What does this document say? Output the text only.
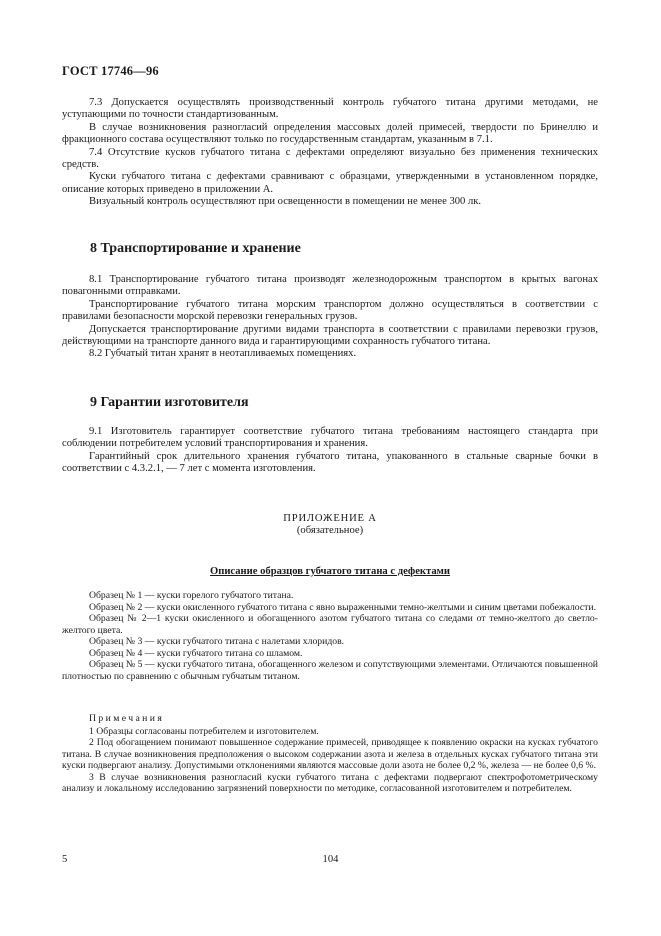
ГОСТ 17746—96

7.3 Допускается осуществлять производственный контроль губчатого титана другими методами, не уступающими по точности стандартизованным.

В случае возникновения разногласий определения массовых долей примесей, твердости по Бринеллю и фракционного состава осуществляют только по государственным стандартам, указанным в 7.1.

7.4 Отсутствие кусков губчатого титана с дефектами определяют визуально без применения технических средств.

Куски губчатого титана с дефектами сравнивают с образцами, утвержденными в установленном порядке, описание которых приведено в приложении А.

Визуальный контроль осуществляют при освещенности в помещении не менее 300 лк.

8 Транспортирование и хранение

8.1 Транспортирование губчатого титана производят железнодорожным транспортом в крытых вагонах повагонными отправками.

Транспортирование губчатого титана морским транспортом должно осуществляться в соответствии с правилами безопасности морской перевозки генеральных грузов.

Допускается транспортирование другими видами транспорта в соответствии с правилами перевозки грузов, действующими на транспорте данного вида и гарантирующими сохранность губчатого титана.

8.2 Губчатый титан хранят в неотапливаемых помещениях.

9 Гарантии изготовителя

9.1 Изготовитель гарантирует соответствие губчатого титана требованиям настоящего стандарта при соблюдении потребителем условий транспортирования и хранения.

Гарантийный срок длительного хранения губчатого титана, упакованного в стальные сварные бочки в соответствии с 4.3.2.1, — 7 лет с момента изготовления.

ПРИЛОЖЕНИЕ А
(обязательное)
Описание образцов губчатого титана с дефектами

Образец № 1 — куски горелого губчатого титана.

Образец № 2 — куски окисленного губчатого титана с явно выраженными темно-желтыми и синим цветами побежалости.

Образец № 2—1 куски окисленного и обогащенного азотом губчатого титана со следами от темно-желтого до светло-желтого цвета.

Образец № 3 — куски губчатого титана с налетами хлоридов.

Образец № 4 — куски губчатого титана со шламом.

Образец № 5 — куски губчатого титана, обогащенного железом и сопутствующими элементами. Отличаются повышенной плотностью по сравнению с обычным губчатым титаном.

Примечания

1 Образцы согласованы потребителем и изготовителем.

2 Под обогащением понимают повышенное содержание примесей, приводящее к появлению окраски на кусках губчатого титана. В случае возникновения предположения о высоком содержании азота и железа в отдельных кусках губчатого титана эти куски подвергают анализу. Допустимыми отклонениями являются массовые доли азота не более 0,2 %, железа — не более 0,6 %.

3 В случае возникновения разногласий куски губчатого титана с дефектами подвергают спектрофотометрическому анализу и локальному исследованию загрязнений поверхности по методике, согласованной изготовителем и потребителем.

5	104
